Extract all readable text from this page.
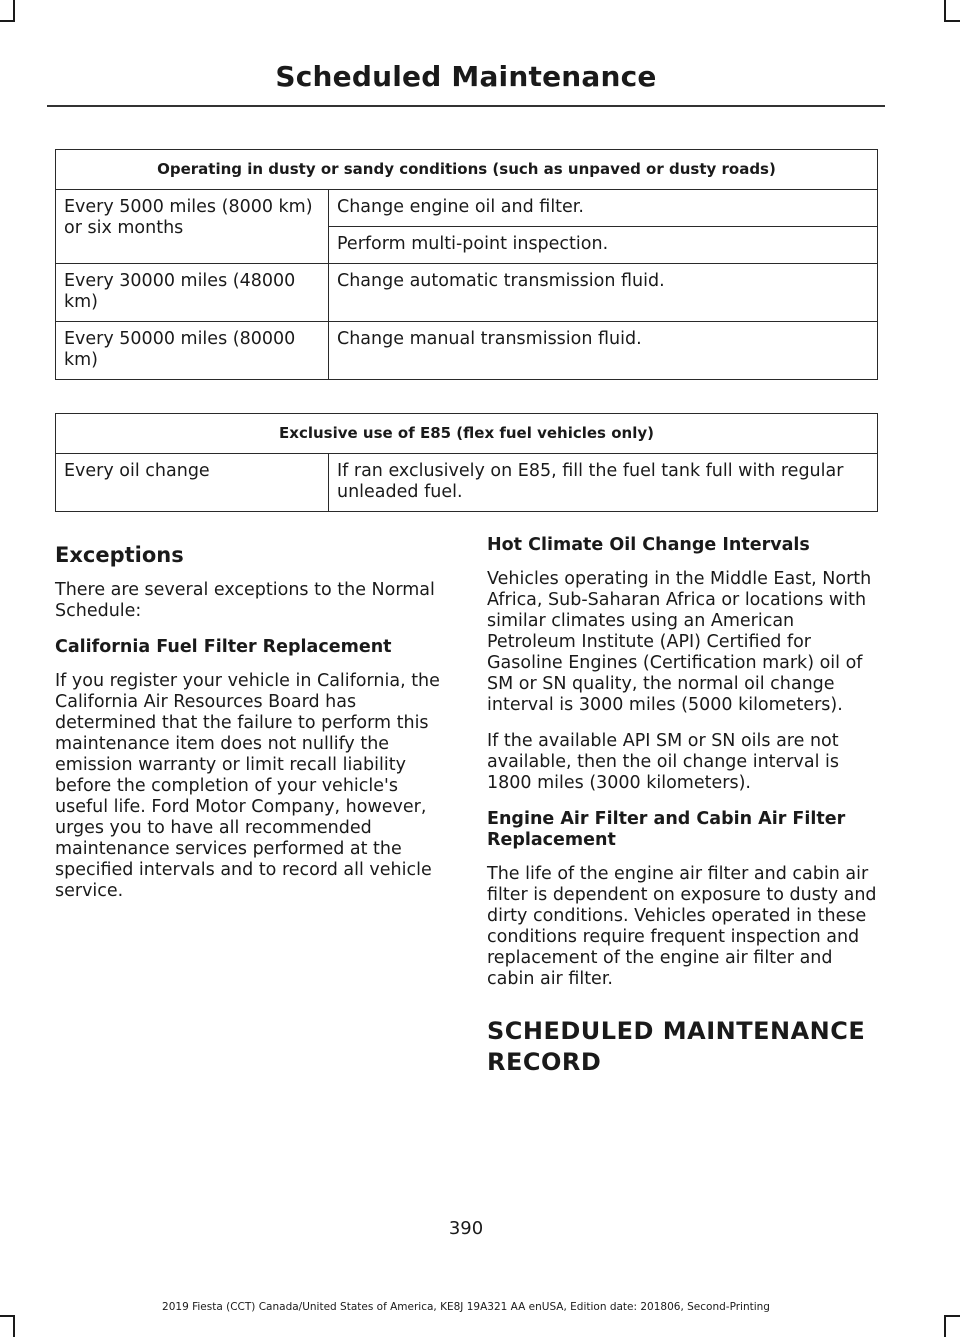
Scheduled Maintenance
Operating in dusty or sandy conditions (such as unpaved or dusty roads)	
Every 5000 miles (8000 km) or six months	Change engine oil and filter.
	Perform multi-point inspection.
Every 30000 miles (48000 km)	Change automatic transmission fluid.
Every 50000 miles (80000 km)	Change manual transmission fluid.
Exclusive use of E85 (flex fuel vehicles only)
Every oil change	If ran exclusively on E85, fill the fuel tank full with regular unleaded fuel.
Exceptions

There are several exceptions to the Normal Schedule:

California Fuel Filter Replacement

If you register your vehicle in California, the California Air Resources Board has determined that the failure to perform this maintenance item does not nullify the emission warranty or limit recall liability before the completion of your vehicle's useful life. Ford Motor Company, however, urges you to have all recommended maintenance services performed at the specified intervals and to record all vehicle service.

Hot Climate Oil Change Intervals

Vehicles operating in the Middle East, North Africa, Sub-Saharan Africa or locations with similar climates using an American Petroleum Institute (API) Certified for Gasoline Engines (Certification mark) oil of SM or SN quality, the normal oil change interval is 3000 miles (5000 kilometers).

If the available API SM or SN oils are not available, then the oil change interval is 1800 miles (3000 kilometers).

Engine Air Filter and Cabin Air Filter Replacement

The life of the engine air filter and cabin air filter is dependent on exposure to dusty and dirty conditions. Vehicles operated in these conditions require frequent inspection and replacement of the engine air filter and cabin air filter.

SCHEDULED MAINTENANCE
RECORD
390
2019 Fiesta (CCT) Canada/United States of America, KE8J 19A321 AA enUSA, Edition date: 201806, Second-Printing
